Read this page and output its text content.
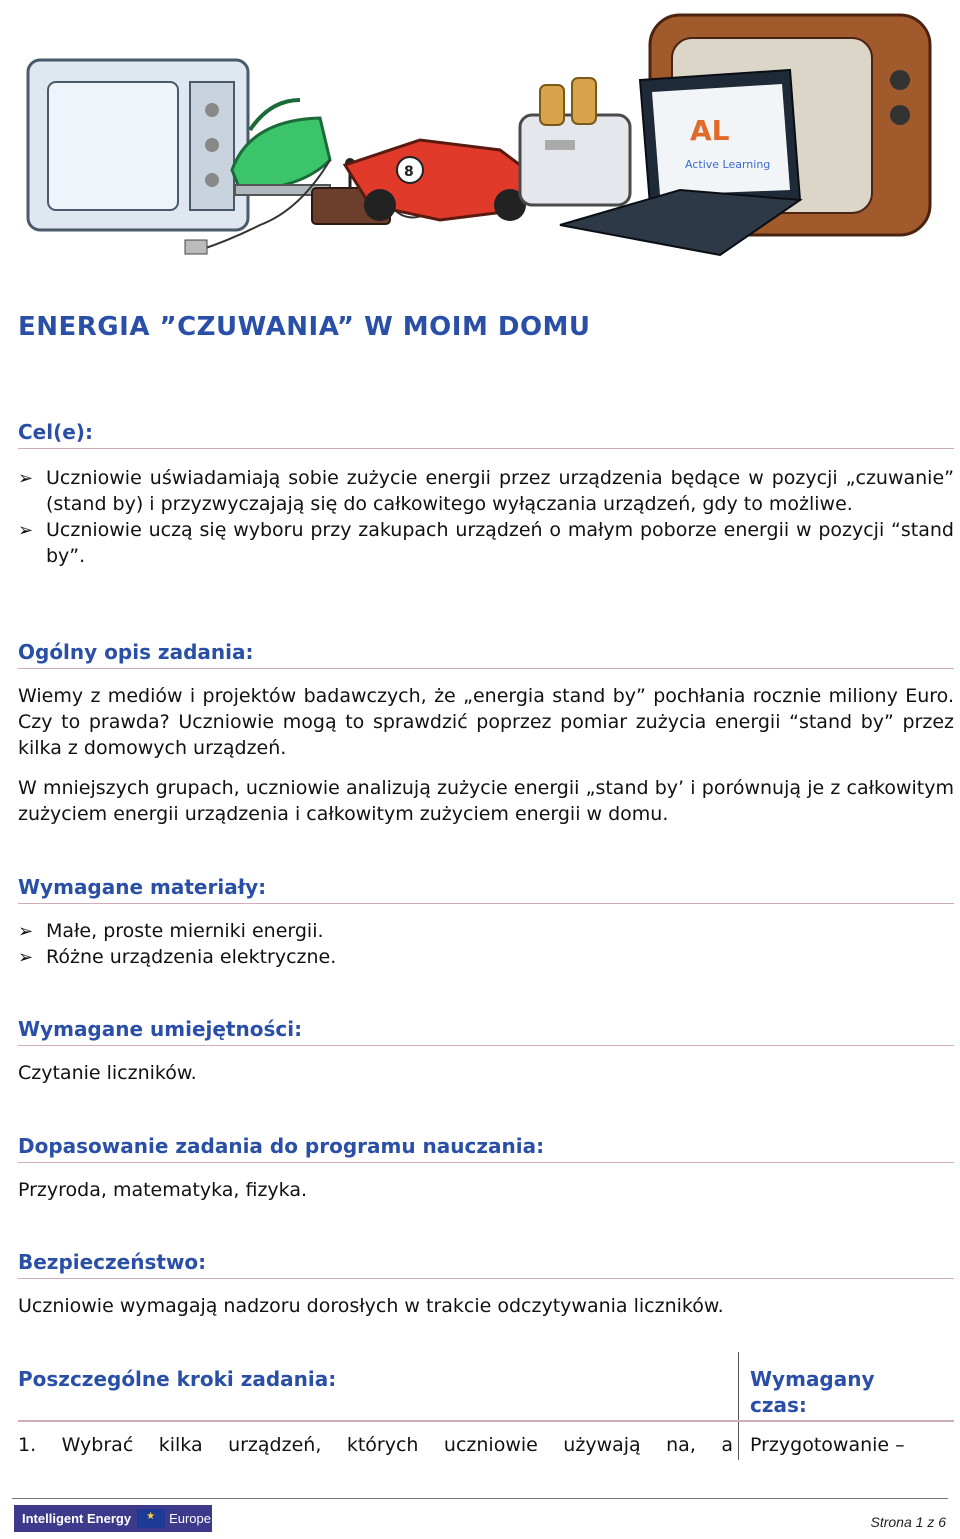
8
AL
Active Learning
ENERGIA ”CZUWANIA” W MOIM DOMU
Cel(e):
➢ Uczniowie uświadamiają sobie zużycie energii przez urządzenia będące w pozycji „czuwanie” (stand by) i przyzwyczajają się do całkowitego wyłączania urządzeń, gdy to możliwe.
➢ Uczniowie uczą się wyboru przy zakupach urządzeń o małym poborze energii w pozycji “stand by”.
Ogólny opis zadania:

Wiemy z mediów i projektów badawczych, że „energia stand by” pochłania rocznie miliony Euro. Czy to prawda? Uczniowie mogą to sprawdzić poprzez pomiar zużycia energii “stand by” przez kilka z domowych urządzeń.

W mniejszych grupach, uczniowie analizują zużycie energii „stand by’ i porównują je z całkowitym zużyciem energii urządzenia i całkowitym zużyciem energii w domu.

Wymagane materiały:
➢ Małe, proste mierniki energii.
➢ Różne urządzenia elektryczne.
Wymagane umiejętności:

Czytanie liczników.

Dopasowanie zadania do programu nauczania:

Przyroda, matematyka, fizyka.

Bezpieczeństwo:

Uczniowie wymagają nadzoru dorosłych w trakcie odczytywania liczników.

Poszczególne kroki zadania:	Wymagany
czas:
1. Wybrać kilka urządzeń, których uczniowie używają na, a Przygotowanie –
Intelligent Energy
★	Europe	Strona 1 z 6
